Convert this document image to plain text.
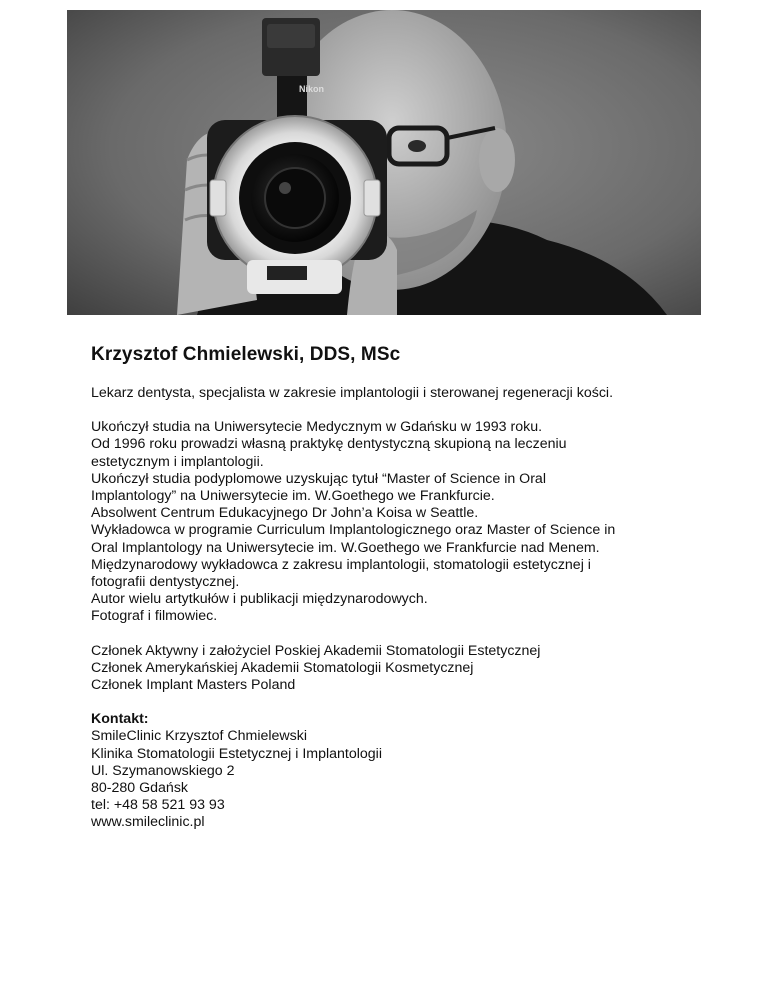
Nikon
Krzysztof Chmielewski, DDS, MSc

Lekarz dentysta, specjalista w zakresie implantologii i sterowanej regeneracji kości.

Ukończył studia na Uniwersytecie Medycznym w Gdańsku w 1993 roku.
Od 1996 roku prowadzi własną praktykę dentystyczną skupioną na leczeniu
estetycznym i implantologii.
Ukończył studia podyplomowe uzyskując tytuł “Master of Science in Oral
Implantology” na Uniwersytecie im. W.Goethego we Frankfurcie.
Absolwent Centrum Edukacyjnego Dr John’a Koisa w Seattle.
Wykładowca w programie Curriculum Implantologicznego oraz Master of Science in
Oral Implantology na Uniwersytecie im. W.Goethego we Frankfurcie nad Menem.
Międzynarodowy wykładowca z zakresu implantologii, stomatologii estetycznej i
fotografii dentystycznej.
Autor wielu artytkułów i publikacji międzynarodowych.
Fotograf i filmowiec.

Członek Aktywny i założyciel Poskiej Akademii Stomatologii Estetycznej
Członek Amerykańskiej Akademii Stomatologii Kosmetycznej
Członek Implant Masters Poland

Kontakt:
SmileClinic Krzysztof Chmielewski
Klinika Stomatologii Estetycznej i Implantologii
Ul. Szymanowskiego 2
80-280 Gdańsk
tel: +48 58 521 93 93
www.smileclinic.pl
